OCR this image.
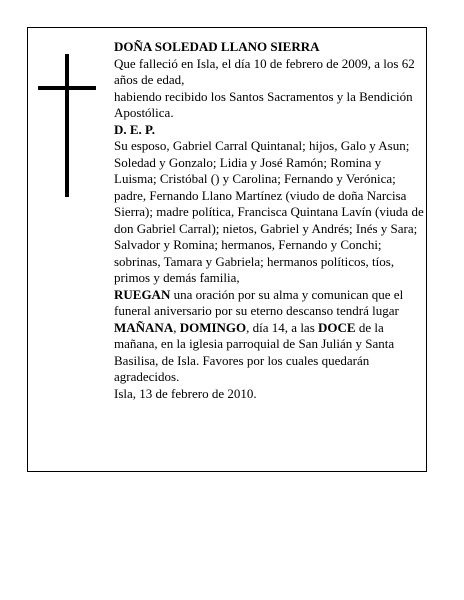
DOÑA SOLEDAD LLANO SIERRA

Que falleció en Isla, el día 10 de febrero de 2009, a los 62 años de edad,

habiendo recibido los Santos Sacramentos y la Bendición Apostólica.

D. E. P.

Su esposo, Gabriel Carral Quintanal; hijos, Galo y Asun; Soledad y Gonzalo; Lidia y José Ramón; Romina y Luisma; Cristóbal () y Carolina; Fernando y Verónica; padre, Fernando Llano Martínez (viudo de doña Narcisa Sierra); madre política, Francisca Quintana Lavín (viuda de don Gabriel Carral); nietos, Gabriel y Andrés; Inés y Sara; Salvador y Romina; hermanos, Fernando y Conchi; sobrinas, Tamara y Gabriela; hermanos políticos, tíos, primos y demás familia,

RUEGAN una oración por su alma y comunican que el funeral aniversario por su eterno descanso tendrá lugar MAÑANA, DOMINGO, día 14, a las DOCE de la mañana, en la iglesia parroquial de San Julián y Santa Basilisa, de Isla. Favores por los cuales quedarán agradecidos.

Isla, 13 de febrero de 2010.
